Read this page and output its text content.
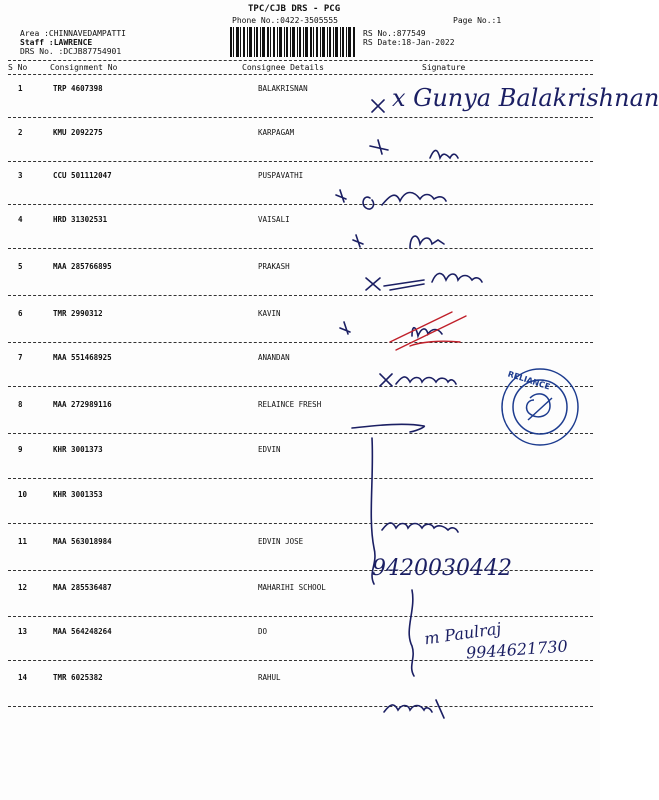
TPC/CJB DRS - PCG
Phone No.:0422-3505555	Page No.:1
Area :CHINNAVEDAMPATTI
Staff :LAWRENCE
DRS No. :DCJB87754901
RS No.:877549
RS Date:18-Jan-2022
S No	Consignment No	Consignee Details	Signature
1	TRP 4607398	BALAKRISNAN
2	KMU 2092275	KARPAGAM
3	CCU 501112047	PUSPAVATHI
4	HRD 31302531	VAISALI
5	MAA 285766895	PRAKASH
6	TMR 2990312	KAVIN
7	MAA 551468925	ANANDAN
8	MAA 272989116	RELAINCE FRESH
9	KHR 3001373	EDVIN
10	KHR 3001353
11	MAA 563018984	EDVIN JOSE
12	MAA 285536487	MAHARIHI SCHOOL
13	MAA 564248264	DO
14	TMR 6025382	RAHUL
x Gunya Balakrishnan
9420030442
m Paulraj
9944621730
RELIANCE
